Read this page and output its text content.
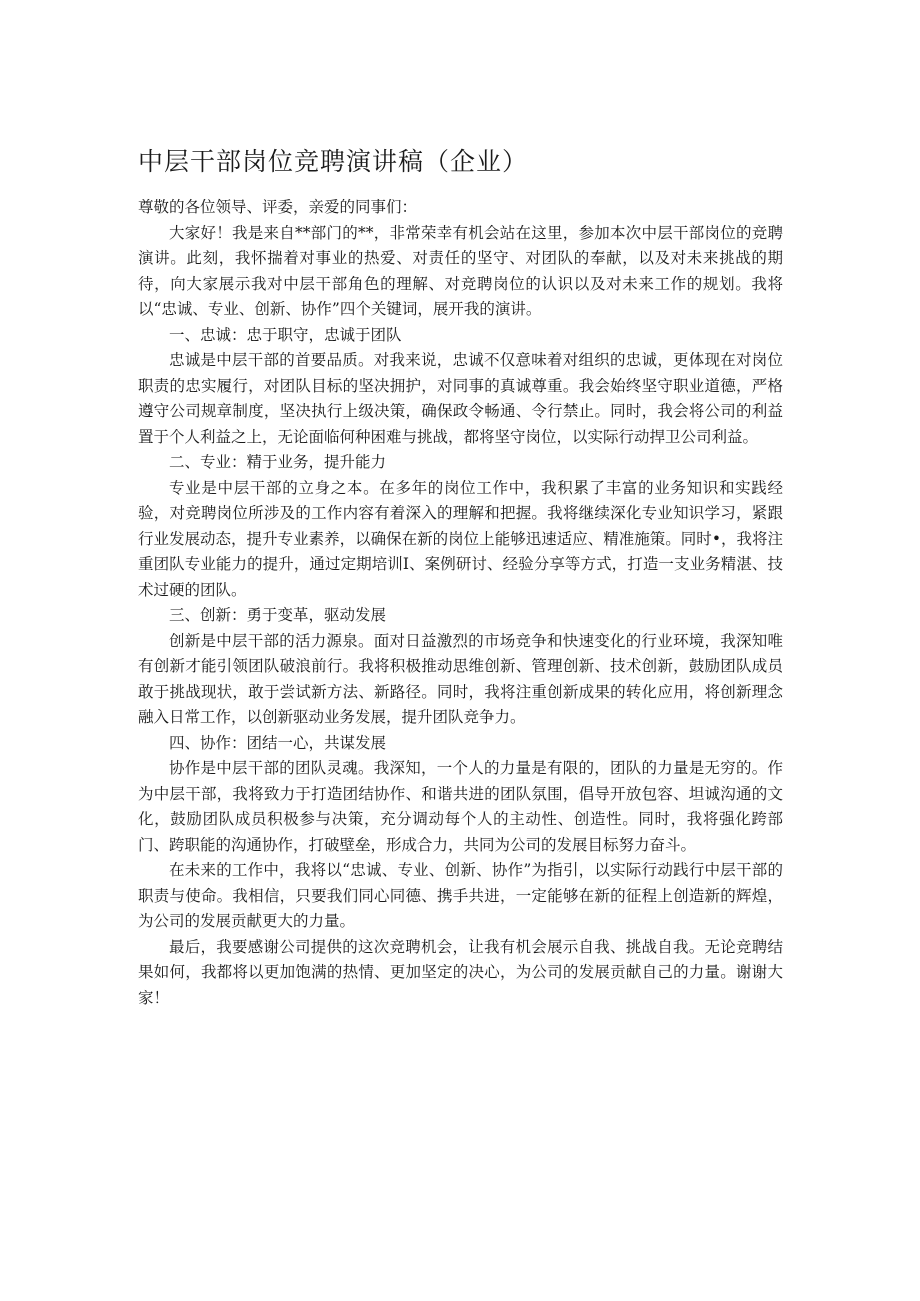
中层干部岗位竞聘演讲稿（企业）

尊敬的各位领导、评委，亲爱的同事们：

大家好！我是来自**部门的**，非常荣幸有机会站在这里，参加本次中层干部岗位的竞聘演讲。此刻，我怀揣着对事业的热爱、对责任的坚守、对团队的奉献，以及对未来挑战的期待，向大家展示我对中层干部角色的理解、对竞聘岗位的认识以及对未来工作的规划。我将以“忠诚、专业、创新、协作”四个关键词，展开我的演讲。

一、忠诚：忠于职守，忠诚于团队

忠诚是中层干部的首要品质。对我来说，忠诚不仅意味着对组织的忠诚，更体现在对岗位职责的忠实履行，对团队目标的坚决拥护，对同事的真诚尊重。我会始终坚守职业道德，严格遵守公司规章制度，坚决执行上级决策，确保政令畅通、令行禁止。同时，我会将公司的利益置于个人利益之上，无论面临何种困难与挑战，都将坚守岗位，以实际行动捍卫公司利益。

二、专业：精于业务，提升能力

专业是中层干部的立身之本。在多年的岗位工作中，我积累了丰富的业务知识和实践经验，对竞聘岗位所涉及的工作内容有着深入的理解和把握。我将继续深化专业知识学习，紧跟行业发展动态，提升专业素养，以确保在新的岗位上能够迅速适应、精准施策。同时•，我将注重团队专业能力的提升，通过定期培训Ⅰ、案例研讨、经验分享等方式，打造一支业务精湛、技术过硬的团队。

三、创新：勇于变革，驱动发展

创新是中层干部的活力源泉。面对日益激烈的市场竞争和快速变化的行业环境，我深知唯有创新才能引领团队破浪前行。我将积极推动思维创新、管理创新、技术创新，鼓励团队成员敢于挑战现状，敢于尝试新方法、新路径。同时，我将注重创新成果的转化应用，将创新理念融入日常工作，以创新驱动业务发展，提升团队竞争力。

四、协作：团结一心，共谋发展

协作是中层干部的团队灵魂。我深知，一个人的力量是有限的，团队的力量是无穷的。作为中层干部，我将致力于打造团结协作、和谐共进的团队氛围，倡导开放包容、坦诚沟通的文化，鼓励团队成员积极参与决策，充分调动每个人的主动性、创造性。同时，我将强化跨部门、跨职能的沟通协作，打破壁垒，形成合力，共同为公司的发展目标努力奋斗。

在未来的工作中，我将以“忠诚、专业、创新、协作”为指引，以实际行动践行中层干部的职责与使命。我相信，只要我们同心同德、携手共进，一定能够在新的征程上创造新的辉煌，为公司的发展贡献更大的力量。

最后，我要感谢公司提供的这次竞聘机会，让我有机会展示自我、挑战自我。无论竞聘结果如何，我都将以更加饱满的热情、更加坚定的决心，为公司的发展贡献自己的力量。谢谢大家！
